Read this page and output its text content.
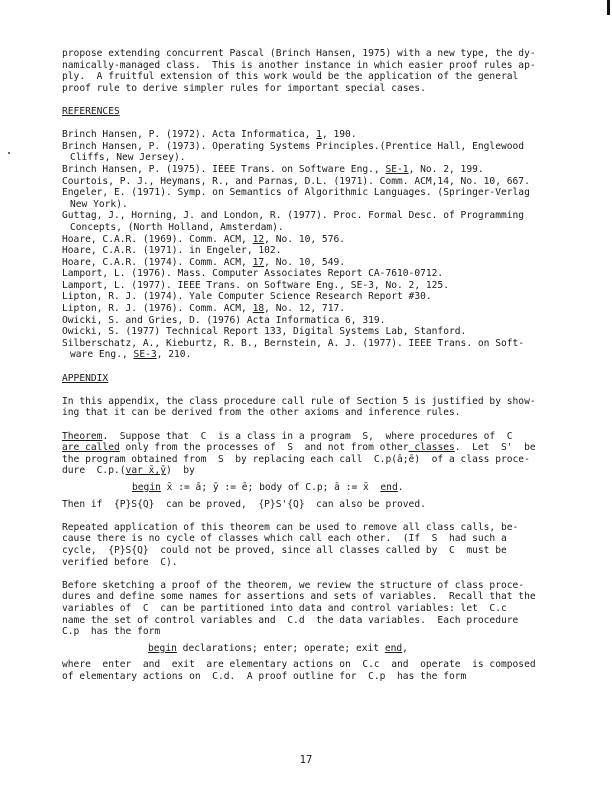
propose extending concurrent Pascal (Brinch Hansen, 1975) with a new type, the dy-

namically-managed class.  This is another instance in which easier proof rules ap-

ply.  A fruitful extension of this work would be the application of the general

proof rule to derive simpler rules for important special cases.

REFERENCES

Brinch Hansen, P. (1972). Acta Informatica, 1, 190.

Brinch Hansen, P. (1973). Operating Systems Principles.(Prentice Hall, Englewood
Cliffs, New Jersey).

Brinch Hansen, P. (1975). IEEE Trans. on Software Eng., SE-1, No. 2, 199.

Courtois, P. J., Heymans, R., and Parnas, D.L. (1971). Comm. ACM,14, No. 10, 667.

Engeler, E. (1971). Symp. on Semantics of Algorithmic Languages. (Springer-Verlag
New York).

Guttag, J., Horning, J. and London, R. (1977). Proc. Formal Desc. of Programming
Concepts, (North Holland, Amsterdam).

Hoare, C.A.R. (1969). Comm. ACM, 12, No. 10, 576.

Hoare, C.A.R. (1971). in Engeler, 102.

Hoare, C.A.R. (1974). Comm. ACM, 17, No. 10, 549.

Lamport, L. (1976). Mass. Computer Associates Report CA-7610-0712.

Lamport, L. (1977). IEEE Trans. on Software Eng., SE-3, No. 2, 125.

Lipton, R. J. (1974). Yale Computer Science Research Report #30.

Lipton, R. J. (1976). Comm. ACM, 18, No. 12, 717.

Owicki, S. and Gries, D. (1976) Acta Informatica 6, 319.

Owicki, S. (1977) Technical Report 133, Digital Systems Lab, Stanford.

Silberschatz, A., Kieburtz, R. B., Bernstein, A. J. (1977). IEEE Trans. on Soft-
ware Eng., SE-3, 210.

APPENDIX

In this appendix, the class procedure call rule of Section 5 is justified by show-

ing that it can be derived from the other axioms and inference rules.

Theorem.  Suppose that  C  is a class in a program  S,  where procedures of  C

are called only from the processes of  S  and not from other classes.  Let  S'  be

the program obtained from  S  by replacing each call  C.p(ā;ē)  of a class proce-

dure  C.p.(var x̄,ȳ)  by

begin x̄ := ā; ȳ := ē; body of C.p; ā := x̄  end.

Then if  {P}S{Q}  can be proved,  {P}S'{Q}  can also be proved.

Repeated application of this theorem can be used to remove all class calls, be-

cause there is no cycle of classes which call each other.  (If  S  had such a

cycle,  {P}S{Q}  could not be proved, since all classes called by  C  must be

verified before  C).

Before sketching a proof of the theorem, we review the structure of class proce-

dures and define some names for assertions and sets of variables.  Recall that the

variables of  C  can be partitioned into data and control variables: let  C.c

name the set of control variables and  C.d  the data variables.  Each procedure

C.p  has the form

begin declarations; enter; operate; exit end,

where  enter  and  exit  are elementary actions on  C.c  and  operate  is composed

of elementary actions on  C.d.  A proof outline for  C.p  has the form

17
